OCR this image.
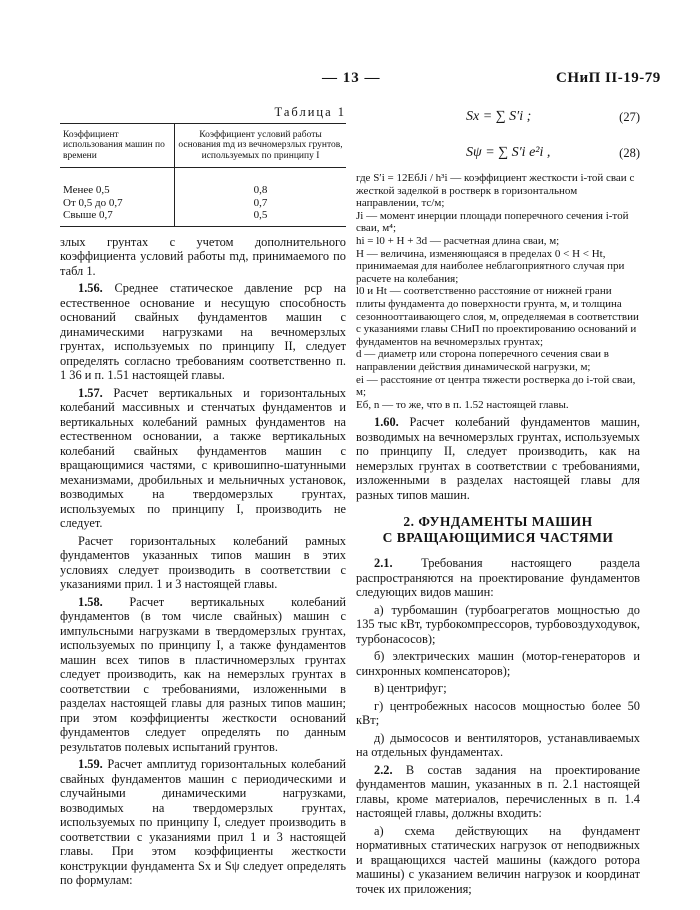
— 13 —	СНиП II-19-79
Таблица 1
Коэффициент использования машин по времени	Коэффициент условий работы основания mд из вечномерзлых грунтов, используемых по принципу I
Менее 0,5	0,8
От 0,5 до 0,7	0,7
Свыше 0,7	0,5

злых грунтах с учетом дополнительного коэффициента условий работы mд, принимаемого по табл 1.

1.56. Среднее статическое давление pср на естественное основание и несущую способность оснований свайных фундаментов машин с динамическими нагрузками на вечномерзлых грунтах, используемых по принципу II, следует определять согласно требованиям соответственно п. 1 36 и п. 1.51 настоящей главы.

1.57. Расчет вертикальных и горизонтальных колебаний массивных и стенчатых фундаментов и вертикальных колебаний рамных фундаментов на естественном основании, а также вертикальных колебаний свайных фундаментов машин с вращающимися частями, с кривошипно-шатунными механизмами, дробильных и мельничных установок, возводимых на твердомерзлых грунтах, используемых по принципу I, производить не следует.

Расчет горизонтальных колебаний рамных фундаментов указанных типов машин в этих условиях следует производить в соответствии с указаниями прил. 1 и 3 настоящей главы.

1.58. Расчет вертикальных колебаний фундаментов (в том числе свайных) машин с импульсными нагрузками в твердомерзлых грунтах, используемых по принципу I, а также фундаментов машин всех типов в пластичномерзлых грунтах следует производить, как на немерзлых грунтах в соответствии с требованиями, изложенными в разделах настоящей главы для разных типов машин; при этом коэффициенты жесткости оснований фундаментов следует определять по данным результатов полевых испытаний грунтов.

1.59. Расчет амплитуд горизонтальных колебаний свайных фундаментов машин с периодическими и случайными динамическими нагрузками, возводимых на твердомерзлых грунтах, используемых по принципу I, следует производить в соответствии с указаниями прил 1 и 3 настоящей главы. При этом коэффициенты жесткости конструкции фундамента Sx и Sψ следует определять по формулам:

Sx = ∑ S′i ;	(27)
Sψ = ∑ S′i e²i ,	(28)

где S′i = 12EбJi / h³i — коэффициент жесткости i-той сваи с жесткой заделкой в ростверк в горизонтальном направлении, тс/м;

Ji — момент инерции площади поперечного сечения i-той сваи, м⁴;

hi = l0 + H + 3d — расчетная длина сваи, м;

H — величина, изменяющаяся в пределах 0 < H < Ht, принимаемая для наиболее неблагоприятного случая при расчете на колебания;

l0 и Ht — соответственно расстояние от нижней грани плиты фундамента до поверхности грунта, м, и толщина сезоннооттаивающего слоя, м, определяемая в соответствии с указаниями главы СНиП по проектированию оснований и фундаментов на вечномерзлых грунтах;

d — диаметр или сторона поперечного сечения сваи в направлении действия динамической нагрузки, м;

ei — расстояние от центра тяжести ростверка до i-той сваи, м;

Eб, n — то же, что в п. 1.52 настоящей главы.

1.60. Расчет колебаний фундаментов машин, возводимых на вечномерзлых грунтах, используемых по принципу II, следует производить, как на немерзлых грунтах в соответствии с требованиями, изложенными в разделах настоящей главы для разных типов машин.

2. ФУНДАМЕНТЫ МАШИН
С ВРАЩАЮЩИМИСЯ ЧАСТЯМИ

2.1. Требования настоящего раздела распространяются на проектирование фундаментов следующих видов машин:

а) турбомашин (турбоагрегатов мощностью до 135 тыс кВт, турбокомпрессоров, турбовоздуходувок, турбонасосов);

б) электрических машин (мотор-генераторов и синхронных компенсаторов);

в) центрифуг;

г) центробежных насосов мощностью более 50 кВт;

д) дымососов и вентиляторов, устанавливаемых на отдельных фундаментах.

2.2. В состав задания на проектирование фундаментов машин, указанных в п. 2.1 настоящей главы, кроме материалов, перечисленных в п. 1.4 настоящей главы, должны входить:

а) схема действующих на фундамент нормативных статических нагрузок от неподвижных и вращающихся частей машины (каждого ротора машины) с указанием величин нагрузок и координат точек их приложения;
